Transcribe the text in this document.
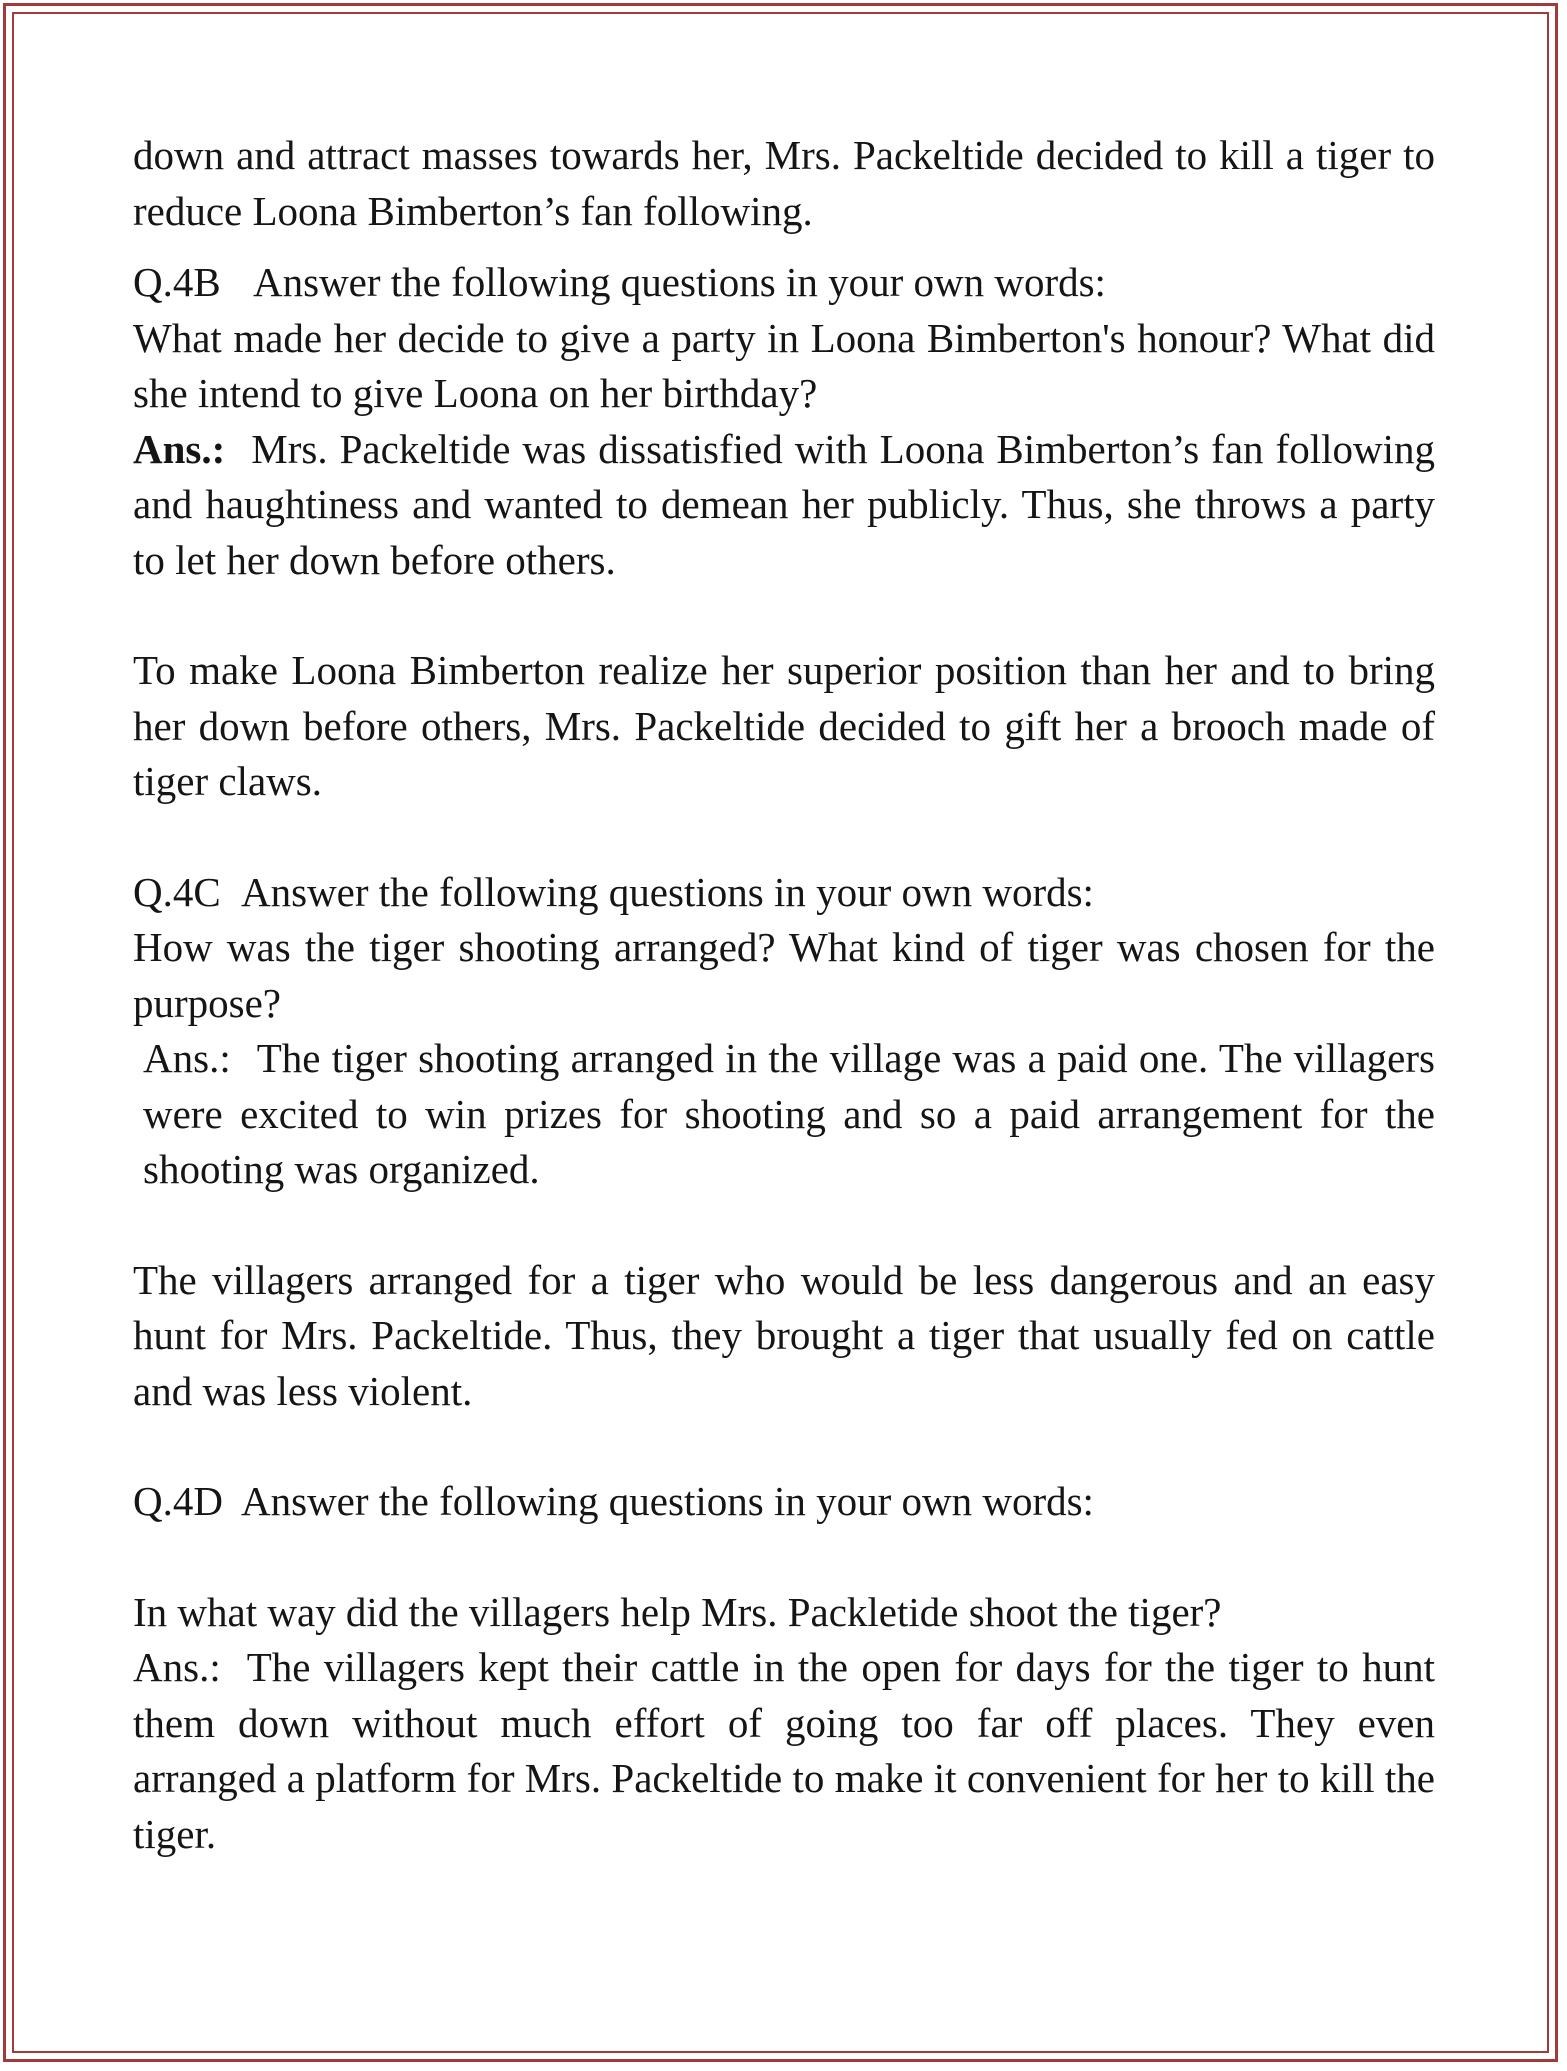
down and attract masses towards her, Mrs. Packeltide decided to kill a tiger to reduce Loona Bimberton’s fan following.

Q.4B Answer the following questions in your own words:

What made her decide to give a party in Loona Bimberton's honour? What did she intend to give Loona on her birthday?

Ans.: Mrs. Packeltide was dissatisfied with Loona Bimberton’s fan following and haughtiness and wanted to demean her publicly. Thus, she throws a party to let her down before others.

To make Loona Bimberton realize her superior position than her and to bring her down before others, Mrs. Packeltide decided to gift her a brooch made of tiger claws.

Q.4C Answer the following questions in your own words:

How was the tiger shooting arranged? What kind of tiger was chosen for the purpose?

Ans.: The tiger shooting arranged in the village was a paid one. The villagers were excited to win prizes for shooting and so a paid arrangement for the shooting was organized.

The villagers arranged for a tiger who would be less dangerous and an easy hunt for Mrs. Packeltide. Thus, they brought a tiger that usually fed on cattle and was less violent.

Q.4D Answer the following questions in your own words:

In what way did the villagers help Mrs. Packletide shoot the tiger?

Ans.: The villagers kept their cattle in the open for days for the tiger to hunt them down without much effort of going too far off places. They even arranged a platform for Mrs. Packeltide to make it convenient for her to kill the tiger.
